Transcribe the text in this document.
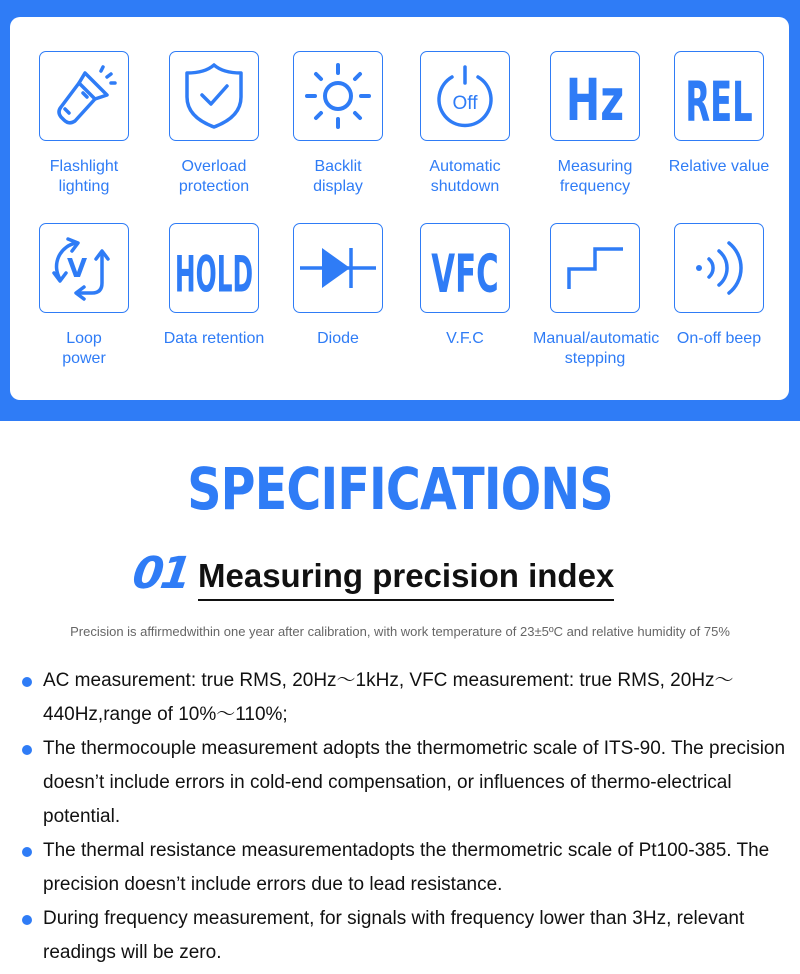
Flashlight
lighting
Overload
protection
Backlit
display
Off
Automatic
shutdown
Hz
Measuring
frequency
REL
Relative value
V
Loop
power
HOLD
Data retention	Diode
VFC
V.F.C	Manual/automatic
stepping
On-off beep
SPECIFICATIONS
01 Measuring precision index
Precision is affirmedwithin one year after calibration, with work temperature of 23±5ºC and relative humidity of 75%
AC measurement: true RMS, 20Hz～1kHz, VFC measurement: true RMS, 20Hz～440Hz,range of 10%～110%;
The thermocouple measurement adopts the thermometric scale of ITS-90. The precision doesn’t include errors in cold-end compensation, or influences of thermo-electrical potential.
The thermal resistance measurementadopts the thermometric scale of Pt100-385. The precision doesn’t include errors due to lead resistance.
During frequency measurement, for signals with frequency lower than 3Hz, relevant readings will be zero.
